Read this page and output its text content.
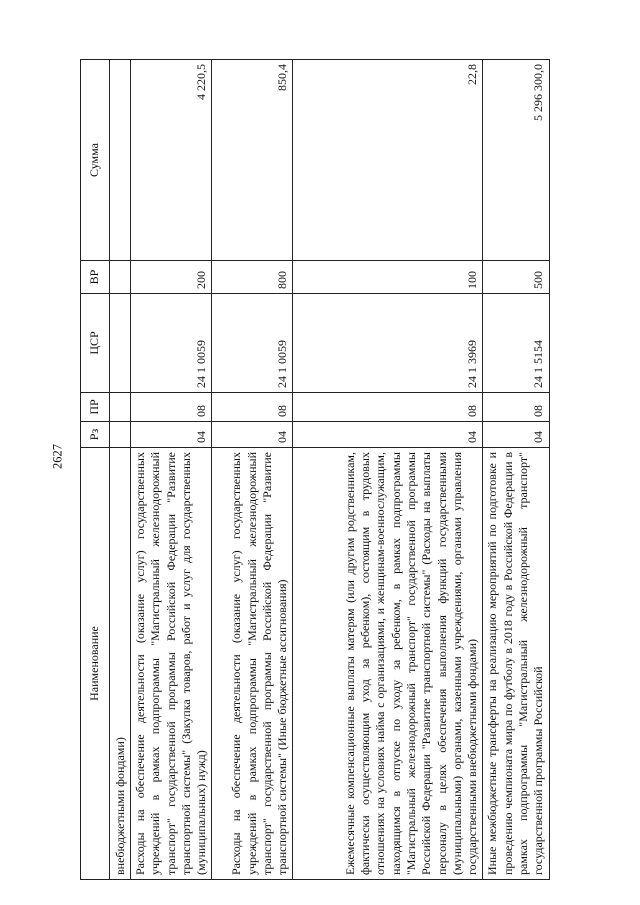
2627
Наименование	Рз	ПР	ЦСР	ВР	Сумма
внебюджетными фондами)					
Расходы на обеспечение деятельности (оказание услуг) государственных учреждений в рамках подпрограммы "Магистральный железнодорожный транспорт" государственной программы Российской Федерации "Развитие транспортной системы" (Закупка товаров, работ и услуг для государственных (муниципальных) нужд)	04	08	24 1 0059	200	4 220,5
Расходы на обеспечение деятельности (оказание услуг) государственных учреждений в рамках подпрограммы "Магистральный железнодорожный транспорт" государственной программы Российской Федерации "Развитие транспортной системы" (Иные бюджетные ассигнования)	04	08	24 1 0059	800	850,4
Ежемесячные компенсационные выплаты матерям (или другим родственникам, фактически осуществляющим уход за ребенком), состоящим в трудовых отношениях на условиях найма с организациями, и женщинам-военнослужащим, находящимся в отпуске по уходу за ребенком, в рамках подпрограммы "Магистральный железнодорожный транспорт" государственной программы Российской Федерации "Развитие транспортной системы" (Расходы на выплаты персоналу в целях обеспечения выполнения функций государственными (муниципальными) органами, казенными учреждениями, органами управления государственными внебюджетными фондами)	04	08	24 1 3969	100	22,8
Иные межбюджетные трансферты на реализацию мероприятий по подготовке и проведению чемпионата мира по футболу в 2018 году в Российской Федерации в рамках подпрограммы "Магистральный железнодорожный транспорт" государственной программы Российской	04	08	24 1 5154	500	5 296 300,0
